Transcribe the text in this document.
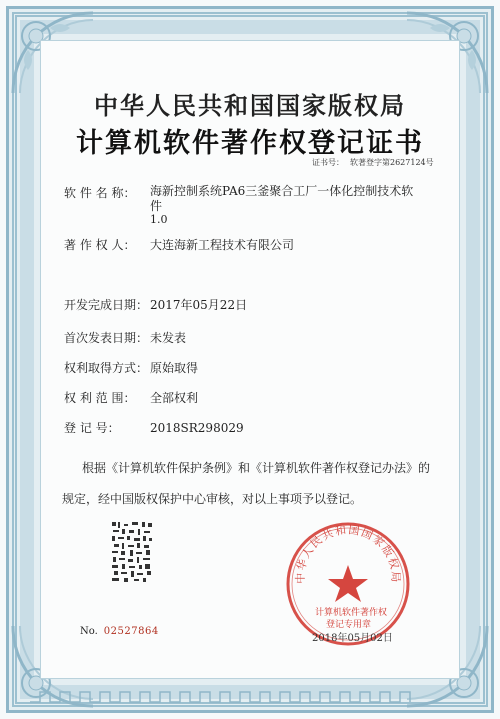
中华人民共和国国家版权局
计算机软件著作权登记证书
证书号： 软著登字第2627124号
软 件 名 称：	海新控制系统PA6三釜聚合工厂一体化控制技术软
件
1.0
著 作 权 人： 大连海新工程技术有限公司
开发完成日期： 2017年05月22日
首次发表日期： 未发表
权利取得方式： 原始取得
权 利 范 围： 全部权利
登 记 号：	2018SR298029
根据《计算机软件保护条例》和《计算机软件著作权登记办法》的
规定，经中国版权保护中心审核，对以上事项予以登记。
No. 02527864
中华人民共和国国家版权局
计算机软件著作权
登记专用章
2018年05月02日
